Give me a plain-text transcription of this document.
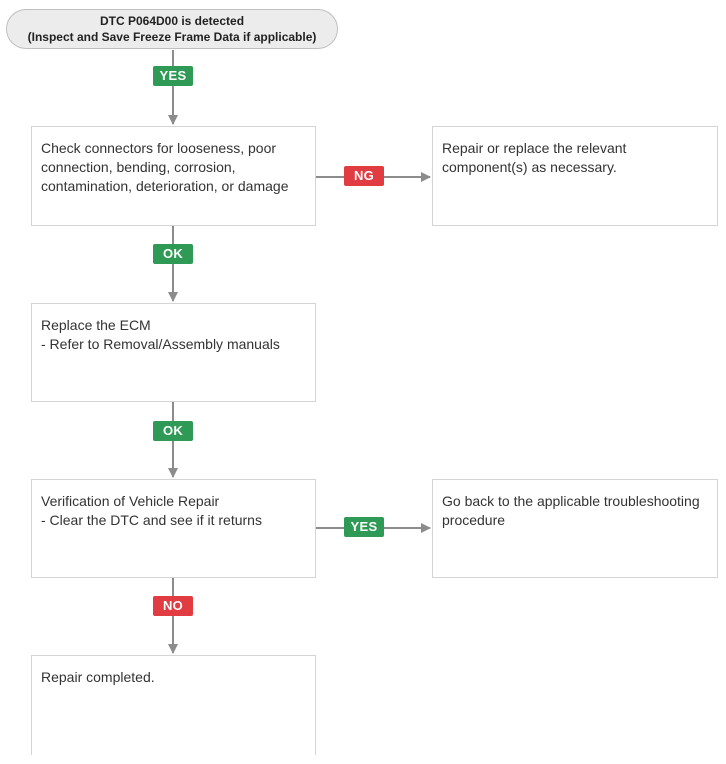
DTC P064D00 is detected
(Inspect and Save Freeze Frame Data if applicable)
Check connectors for looseness, poor
connection, bending, corrosion,
contamination, deterioration, or damage
Repair or replace the relevant
component(s) as necessary.
Replace the ECM
- Refer to Removal/Assembly manuals
Verification of Vehicle Repair
- Clear the DTC and see if it returns
Go back to the applicable troubleshooting
procedure
Repair completed.
YES
NG
OK
OK
YES
NO
